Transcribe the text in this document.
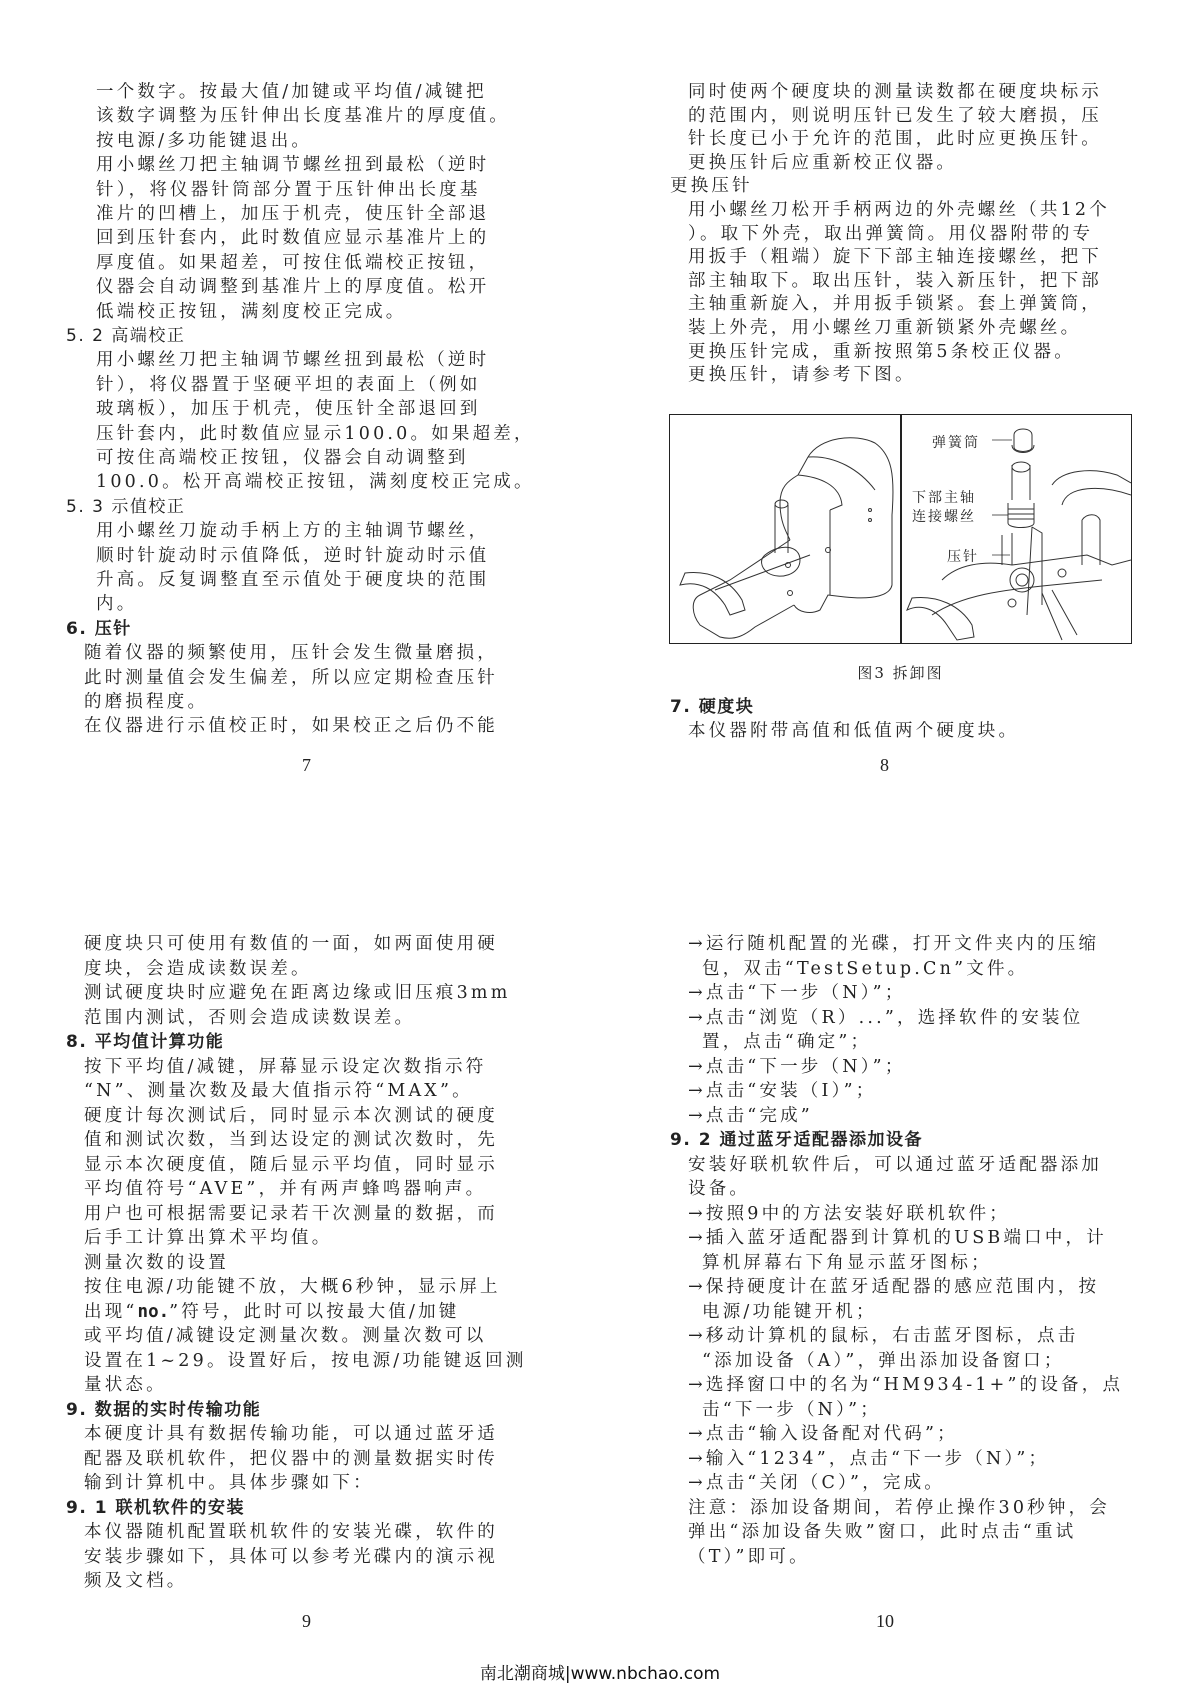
一个数字。按最大值/加键或平均值/减键把
该数字调整为压针伸出长度基准片的厚度值。
按电源/多功能键退出。
用小螺丝刀把主轴调节螺丝扭到最松（逆时
针），将仪器针筒部分置于压针伸出长度基
准片的凹槽上，加压于机壳，使压针全部退
回到压针套内，此时数值应显示基准片上的
厚度值。如果超差，可按住低端校正按钮，
仪器会自动调整到基准片上的厚度值。松开
低端校正按钮，满刻度校正完成。
5. 2 高端校正
用小螺丝刀把主轴调节螺丝扭到最松（逆时
针），将仪器置于坚硬平坦的表面上（例如
玻璃板），加压于机壳，使压针全部退回到
压针套内，此时数值应显示100.0。如果超差，
可按住高端校正按钮，仪器会自动调整到
100.0。松开高端校正按钮，满刻度校正完成。
5. 3 示值校正
用小螺丝刀旋动手柄上方的主轴调节螺丝，
顺时针旋动时示值降低，逆时针旋动时示值
升高。反复调整直至示值处于硬度块的范围
内。
6. 压针
随着仪器的频繁使用，压针会发生微量磨损，
此时测量值会发生偏差，所以应定期检查压针
的磨损程度。
在仪器进行示值校正时，如果校正之后仍不能
7
同时使两个硬度块的测量读数都在硬度块标示
的范围内，则说明压针已发生了较大磨损，压
针长度已小于允许的范围，此时应更换压针。
更换压针后应重新校正仪器。
更换压针
用小螺丝刀松开手柄两边的外壳螺丝（共12个
）。取下外壳，取出弹簧筒。用仪器附带的专
用扳手（粗端）旋下下部主轴连接螺丝，把下
部主轴取下。取出压针，装入新压针，把下部
主轴重新旋入，并用扳手锁紧。套上弹簧筒，
装上外壳，用小螺丝刀重新锁紧外壳螺丝。
更换压针完成，重新按照第5条校正仪器。
更换压针，请参考下图。
弹簧筒
下部主轴
连接螺丝
压针
图3 拆卸图
7. 硬度块
本仪器附带高值和低值两个硬度块。
8
硬度块只可使用有数值的一面，如两面使用硬
度块，会造成读数误差。
测试硬度块时应避免在距离边缘或旧压痕3mm
范围内测试，否则会造成读数误差。
8. 平均值计算功能
按下平均值/减键，屏幕显示设定次数指示符
“N”、测量次数及最大值指示符“MAX”。
硬度计每次测试后，同时显示本次测试的硬度
值和测试次数，当到达设定的测试次数时，先
显示本次硬度值，随后显示平均值，同时显示
平均值符号“AVE”，并有两声蜂鸣器响声。
用户也可根据需要记录若干次测量的数据，而
后手工计算出算术平均值。
测量次数的设置
按住电源/功能键不放，大概6秒钟，显示屏上
出现“no.”符号，此时可以按最大值/加键
或平均值/减键设定测量次数。测量次数可以
设置在1~29。设置好后，按电源/功能键返回测
量状态。
9. 数据的实时传输功能
本硬度计具有数据传输功能，可以通过蓝牙适
配器及联机软件，把仪器中的测量数据实时传
输到计算机中。具体步骤如下：
9. 1 联机软件的安装
本仪器随机配置联机软件的安装光碟，软件的
安装步骤如下，具体可以参考光碟内的演示视
频及文档。
9
→运行随机配置的光碟，打开文件夹内的压缩
包，双击“TestSetup.Cn”文件。
→点击“下一步（N）”；
→点击“浏览（R）...”，选择软件的安装位
置，点击“确定”；
→点击“下一步（N）”；
→点击“安装（I）”；
→点击“完成”
9. 2 通过蓝牙适配器添加设备
安装好联机软件后，可以通过蓝牙适配器添加
设备。
→按照9中的方法安装好联机软件；
→插入蓝牙适配器到计算机的USB端口中，计
算机屏幕右下角显示蓝牙图标；
→保持硬度计在蓝牙适配器的感应范围内，按
电源/功能键开机；
→移动计算机的鼠标，右击蓝牙图标，点击
“添加设备（A）”，弹出添加设备窗口；
→选择窗口中的名为“HM934-1+”的设备，点
击“下一步（N）”；
→点击“输入设备配对代码”；
→输入“1234”，点击“下一步（N）”；
→点击“关闭（C）”，完成。
注意：添加设备期间，若停止操作30秒钟，会
弹出“添加设备失败”窗口，此时点击“重试
（T）”即可。
10
南北潮商城|www.nbchao.com
